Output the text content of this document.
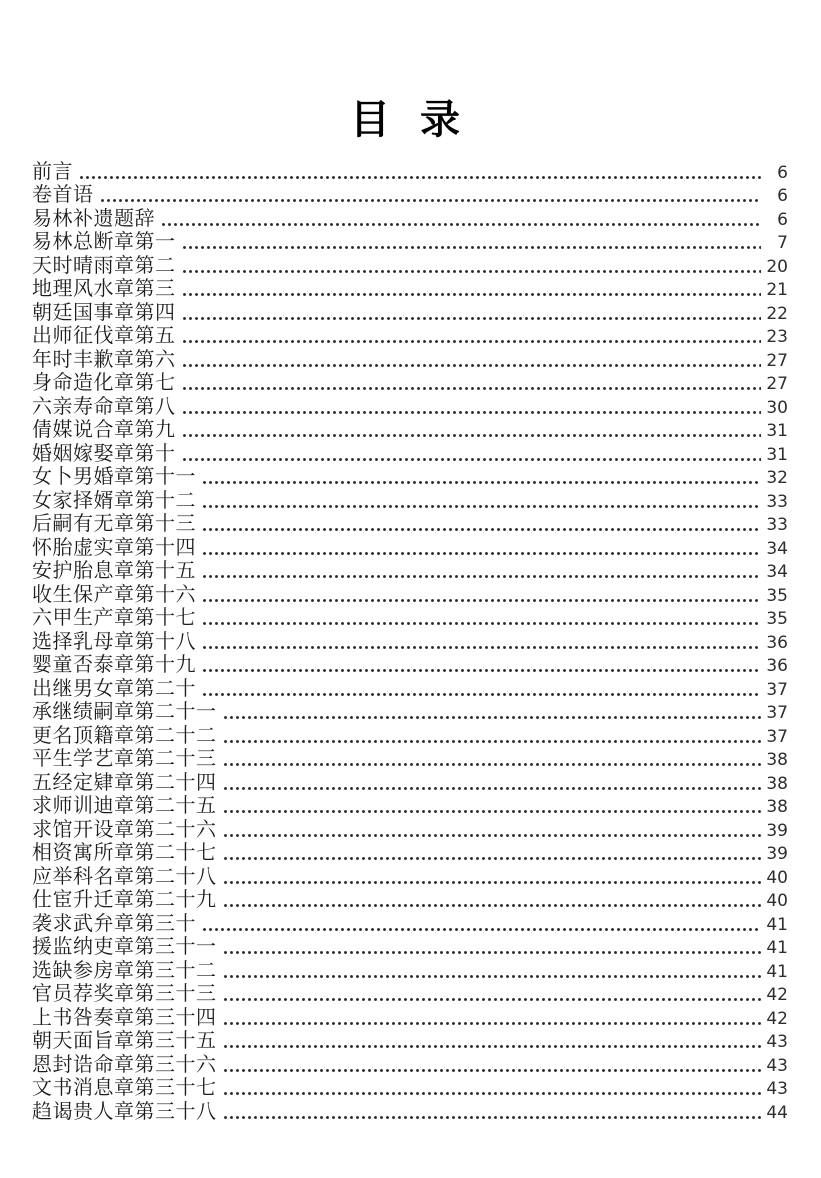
目 录
前言	6
卷首语	6
易林补遗题辞	6
易林总断章第一	7
天时晴雨章第二	20
地理风水章第三	21
朝廷国事章第四	22
出师征伐章第五	23
年时丰歉章第六	27
身命造化章第七	27
六亲寿命章第八	30
倩媒说合章第九	31
婚姻嫁娶章第十	31
女卜男婚章第十一	32
女家择婿章第十二	33
后嗣有无章第十三	33
怀胎虚实章第十四	34
安护胎息章第十五	34
收生保产章第十六	35
六甲生产章第十七	35
选择乳母章第十八	36
婴童否泰章第十九	36
出继男女章第二十	37
承继绩嗣章第二十一	37
更名顶籍章第二十二	37
平生学艺章第二十三	38
五经定肄章第二十四	38
求师训迪章第二十五	38
求馆开设章第二十六	39
相资寓所章第二十七	39
应举科名章第二十八	40
仕宦升迁章第二十九	40
袭求武弁章第三十	41
援监纳吏章第三十一	41
选缺参房章第三十二	41
官员荐奖章第三十三	42
上书咎奏章第三十四	42
朝天面旨章第三十五	43
恩封诰命章第三十六	43
文书消息章第三十七	43
趋谒贵人章第三十八	44
